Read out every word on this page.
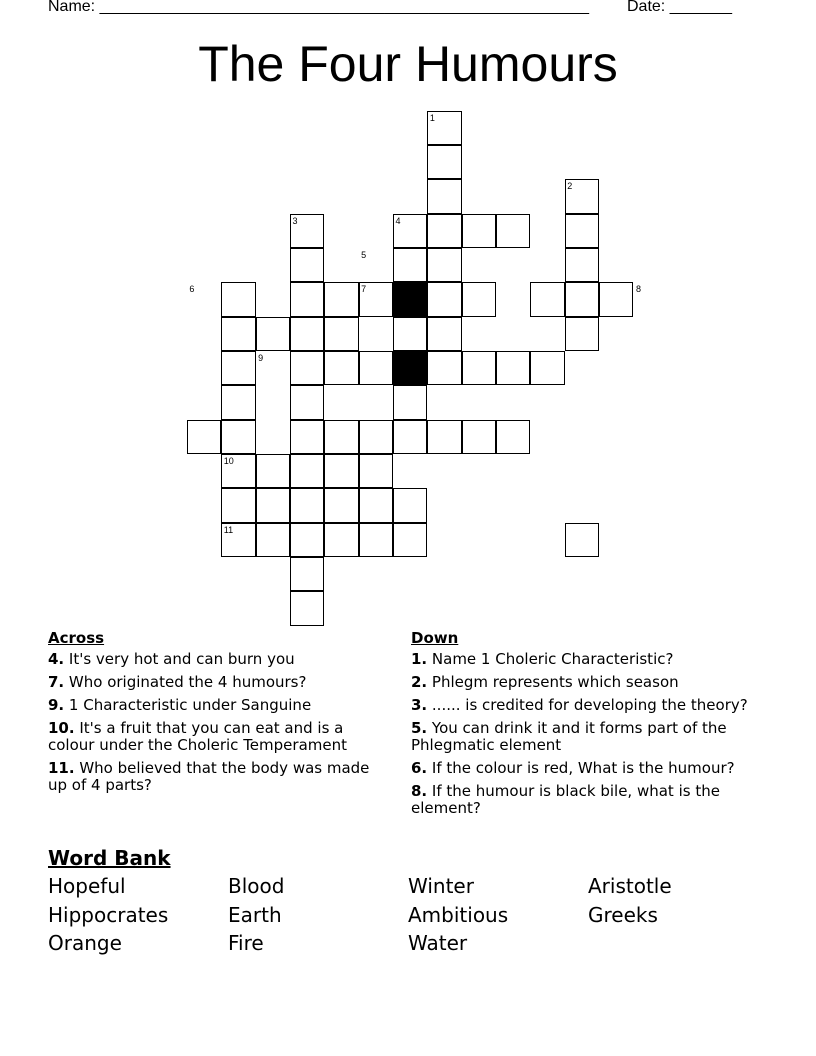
Name: _______________________________________________________ Date: _______
The Four Humours
1
2
3	4
5
6	7	8
9
10
11
Across
4. It's very hot and can burn you
7. Who originated the 4 humours?
9. 1 Characteristic under Sanguine
10. It's a fruit that you can eat and is a colour under the Choleric Temperament
11. Who believed that the body was made up of 4 parts?
Down
1. Name 1 Choleric Characteristic?
2. Phlegm represents which season
3. ...... is credited for developing the theory?
5. You can drink it and it forms part of the Phlegmatic element
6. If the colour is red, What is the humour?
8. If the humour is black bile, what is the element?
Word Bank
Hopeful	Blood	Winter	Aristotle
Hippocrates	Earth	Ambitious	Greeks
Orange	Fire	Water
